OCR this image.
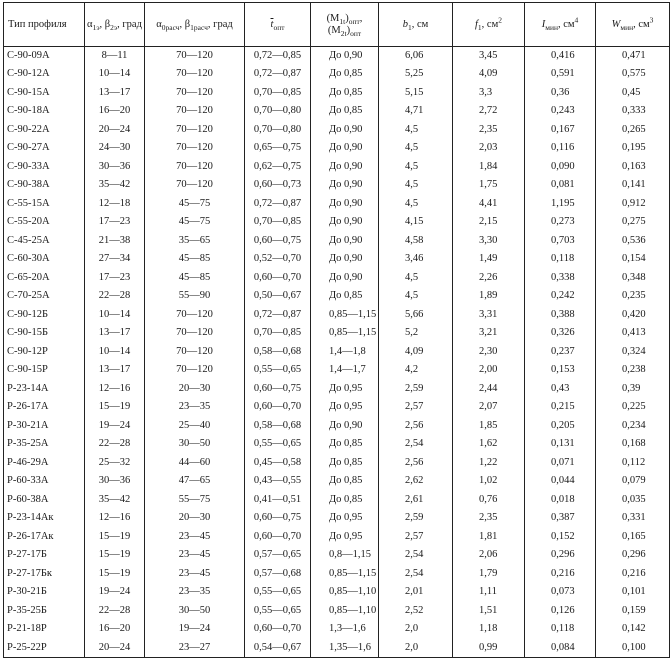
Тип профиля	$\alpha_{1э}$, $\beta_{2э}$, град	$\alpha_{0расч}$, $\beta_{1расч}$, град	$\overline{t}_{опт}$	$(M_{1t})_{опт}$,
$(M_{2t})_{опт}$	$b_1$, см	$f_1$, $см^2$	$I_{мин}$, $см^4$	$W_{мин}$, $см^3$
С-90-09А	8—11	70—120	0,72—0,85	До 0,90	6,06	3,45	0,416	0,471
С-90-12А	10—14	70—120	0,72—0,87	До 0,85	5,25	4,09	0,591	0,575
С-90-15А	13—17	70—120	0,70—0,85	До 0,85	5,15	3,3	0,36	0,45
С-90-18А	16—20	70—120	0,70—0,80	До 0,85	4,71	2,72	0,243	0,333
С-90-22А	20—24	70—120	0,70—0,80	До 0,90	4,5	2,35	0,167	0,265
С-90-27А	24—30	70—120	0,65—0,75	До 0,90	4,5	2,03	0,116	0,195
С-90-33А	30—36	70—120	0,62—0,75	До 0,90	4,5	1,84	0,090	0,163
С-90-38А	35—42	70—120	0,60—0,73	До 0,90	4,5	1,75	0,081	0,141
С-55-15А	12—18	45—75	0,72—0,87	До 0,90	4,5	4,41	1,195	0,912
С-55-20А	17—23	45—75	0,70—0,85	До 0,90	4,15	2,15	0,273	0,275
С-45-25А	21—38	35—65	0,60—0,75	До 0,90	4,58	3,30	0,703	0,536
С-60-30А	27—34	45—85	0,52—0,70	До 0,90	3,46	1,49	0,118	0,154
С-65-20А	17—23	45—85	0,60—0,70	До 0,90	4,5	2,26	0,338	0,348
С-70-25А	22—28	55—90	0,50—0,67	До 0,85	4,5	1,89	0,242	0,235
С-90-12Б	10—14	70—120	0,72—0,87	0,85—1,15	5,66	3,31	0,388	0,420
С-90-15Б	13—17	70—120	0,70—0,85	0,85—1,15	5,2	3,21	0,326	0,413
С-90-12Р	10—14	70—120	0,58—0,68	1,4—1,8	4,09	2,30	0,237	0,324
С-90-15Р	13—17	70—120	0,55—0,65	1,4—1,7	4,2	2,00	0,153	0,238
Р-23-14А	12—16	20—30	0,60—0,75	До 0,95	2,59	2,44	0,43	0,39
Р-26-17А	15—19	23—35	0,60—0,70	До 0,95	2,57	2,07	0,215	0,225
Р-30-21А	19—24	25—40	0,58—0,68	До 0,90	2,56	1,85	0,205	0,234
Р-35-25А	22—28	30—50	0,55—0,65	До 0,85	2,54	1,62	0,131	0,168
Р-46-29А	25—32	44—60	0,45—0,58	До 0,85	2,56	1,22	0,071	0,112
Р-60-33А	30—36	47—65	0,43—0,55	До 0,85	2,62	1,02	0,044	0,079
Р-60-38А	35—42	55—75	0,41—0,51	До 0,85	2,61	0,76	0,018	0,035
Р-23-14Ак	12—16	20—30	0,60—0,75	До 0,95	2,59	2,35	0,387	0,331
Р-26-17Ак	15—19	23—45	0,60—0,70	До 0,95	2,57	1,81	0,152	0,165
Р-27-17Б	15—19	23—45	0,57—0,65	0,8—1,15	2,54	2,06	0,296	0,296
Р-27-17Бк	15—19	23—45	0,57—0,68	0,85—1,15	2,54	1,79	0,216	0,216
Р-30-21Б	19—24	23—35	0,55—0,65	0,85—1,10	2,01	1,11	0,073	0,101
Р-35-25Б	22—28	30—50	0,55—0,65	0,85—1,10	2,52	1,51	0,126	0,159
Р-21-18Р	16—20	19—24	0,60—0,70	1,3—1,6	2,0	1,18	0,118	0,142
Р-25-22Р	20—24	23—27	0,54—0,67	1,35—1,6	2,0	0,99	0,084	0,100
